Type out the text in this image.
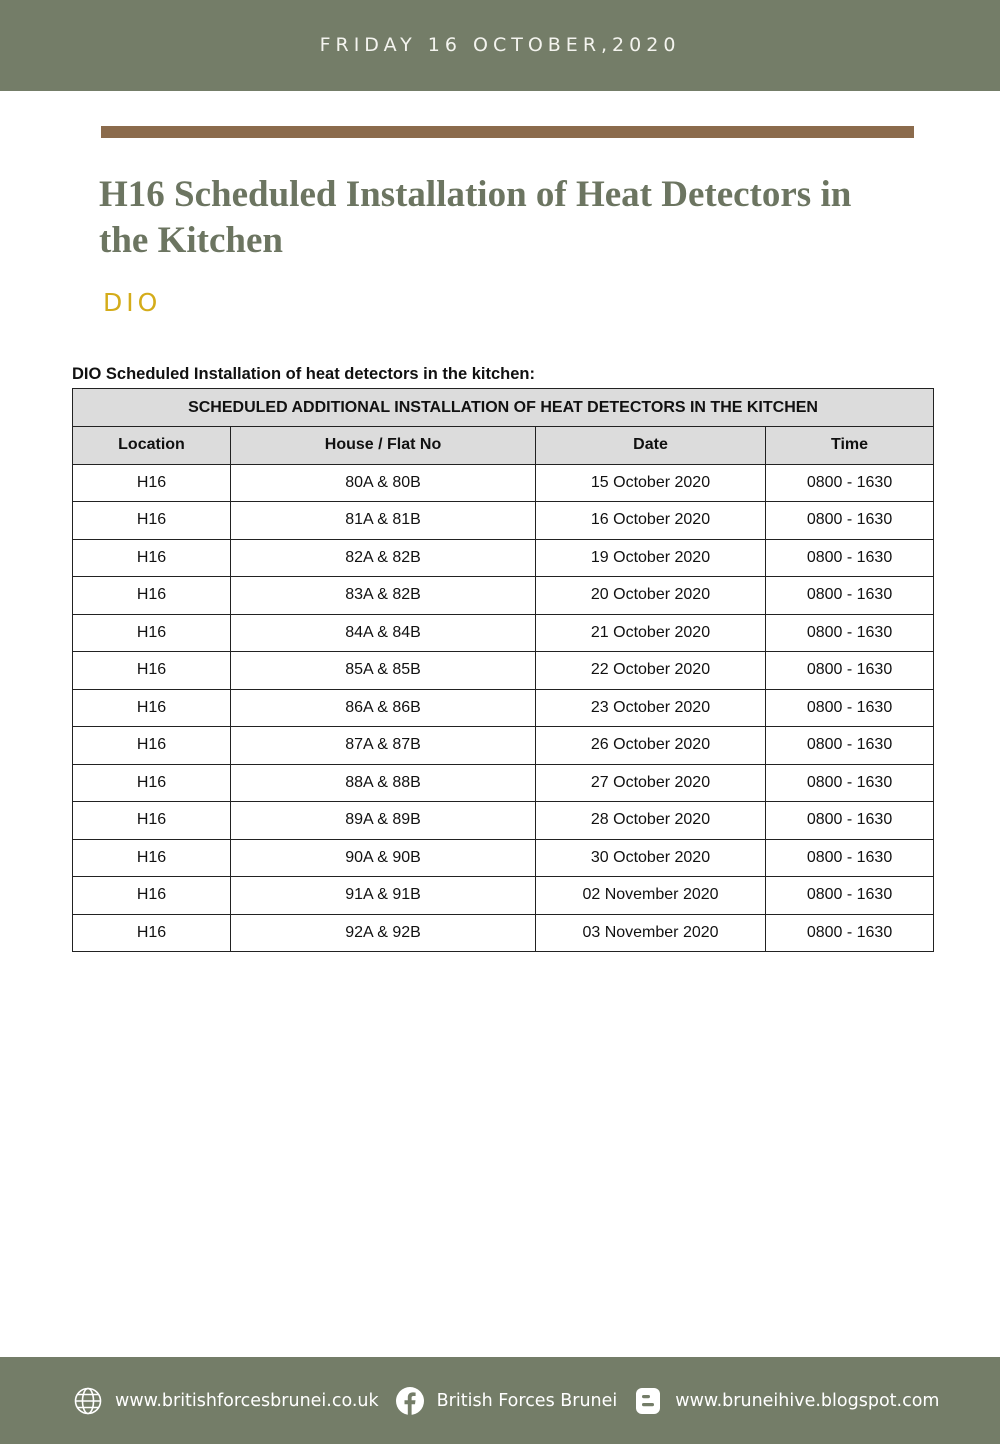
FRIDAY 16 OCTOBER,2020
H16 Scheduled Installation of Heat Detectors in the Kitchen
DIO
DIO Scheduled Installation of heat detectors in the kitchen:
SCHEDULED ADDITIONAL INSTALLATION OF HEAT DETECTORS IN THE KITCHEN			
Location	House / Flat No	Date	Time
H16	80A & 80B	15 October 2020	0800 - 1630
H16	81A & 81B	16 October 2020	0800 - 1630
H16	82A & 82B	19 October 2020	0800 - 1630
H16	83A & 82B	20 October 2020	0800 - 1630
H16	84A & 84B	21 October 2020	0800 - 1630
H16	85A & 85B	22 October 2020	0800 - 1630
H16	86A & 86B	23 October 2020	0800 - 1630
H16	87A & 87B	26 October 2020	0800 - 1630
H16	88A & 88B	27 October 2020	0800 - 1630
H16	89A & 89B	28 October 2020	0800 - 1630
H16	90A & 90B	30 October 2020	0800 - 1630
H16	91A & 91B	02 November 2020	0800 - 1630
H16	92A & 92B	03 November 2020	0800 - 1630
www.britishforcesbrunei.co.uk	British Forces Brunei	www.bruneihive.blogspot.com
